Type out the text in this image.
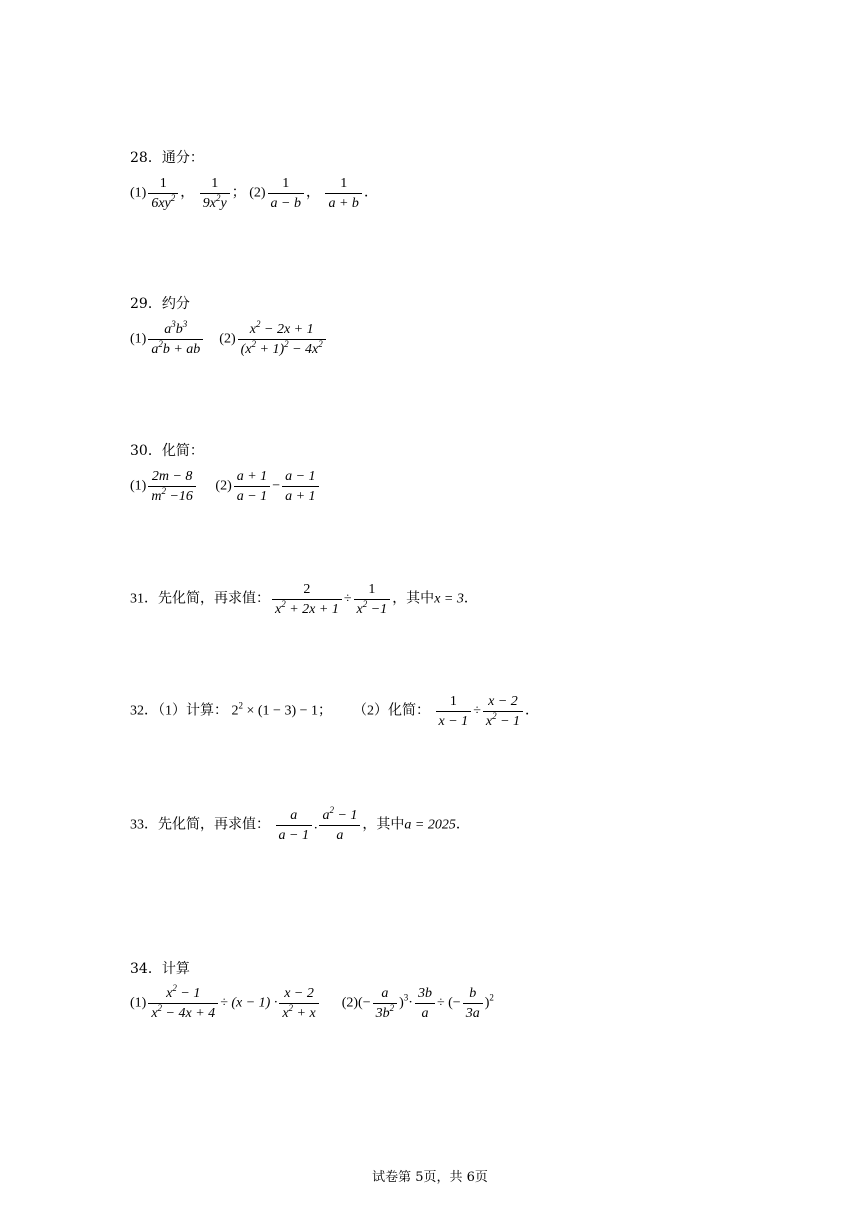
28．通分：
$(1) \frac{1}{6xy^2}$ ， $\frac{1}{9x^2y}$ ； $(2) \frac{1}{a - b}$ ， $\frac{1}{a + b}$ ．
29．约分
$(1) \frac{a^3b^3}{a^2b + ab} (2) \frac{x^2 - 2x + 1}{(x^2 + 1)^2 - 4x^2}$
30．化简：
$(1) \frac{2m - 8}{m^2 -16} (2) \frac{a + 1}{a - 1} - \frac{a - 1}{a + 1}$
31．先化简，再求值： $\frac{2}{x^2 + 2x + 1} \div \frac{1}{x^2 -1}$ ，其中x = 3．
32．（1）计算： $2^2 \times (1 - 3) - 1$； （2）化简： $\frac{1}{x - 1} \div \frac{x - 2}{x^2 - 1}$ ．
33．先化简，再求值： $\frac{a}{a - 1}$ . $\frac{a^2 - 1}{a}$ ，其中a = 2025．
34．计算
$(1) \frac{x^2 - 1}{x^2 - 4x + 4} \div (x - 1) \cdot \frac{x - 2}{x^2 + x} (2)(- \frac{a}{3b^2} )^3\cdot \frac{3b}{a}$ ÷ (− $\frac{b}{3a} )^2$
试卷第 5页，共 6页
